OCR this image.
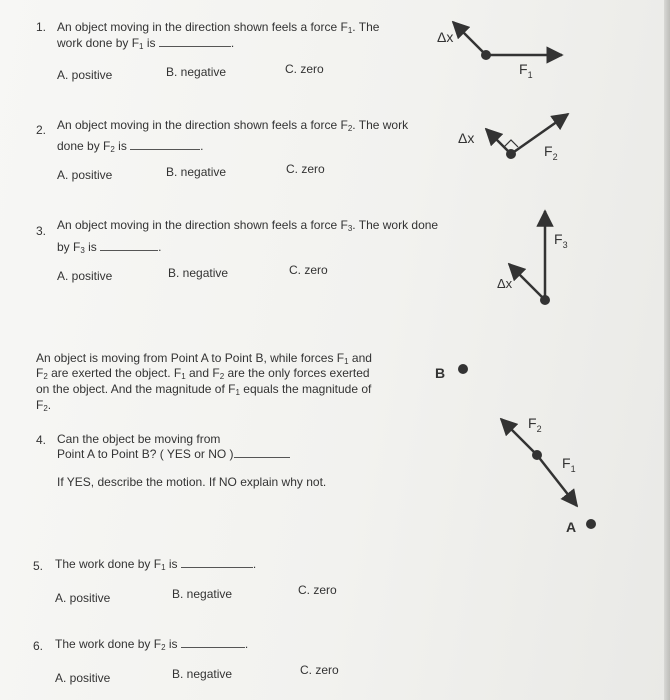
1. An object moving in the direction shown feels a force $F_1$. The
work done by $F_1$ is	.
A. positive	B. negative	C. zero
2. An object moving in the direction shown feels a force $F_2$. The work
done by $F_2$ is	.
A. positive	B. negative	C. zero
3. An object moving in the direction shown feels a force $F_3$. The work done
by $F_3$ is	.
A. positive	B. negative	C. zero
An object is moving from Point A to Point B, while forces $F_1$ and
$F_2$ are exerted the object. $F_1$ and $F_2$ are the only forces exerted
on the object. And the magnitude of $F_1$ equals the magnitude of
$F_2$.
4. Can the object be moving from
Point A to Point B? ( YES or NO )
If YES, describe the motion. If NO explain why not.
5. The work done by $F_1$ is	.
A. positive	B. negative	C. zero
6. The work done by $F_2$ is	.
A. positive	B. negative	C. zero
Δx
$F_1$
Δx
$F_2$
Δx
$F_3$
$F_2$
$F_1$
B
A
